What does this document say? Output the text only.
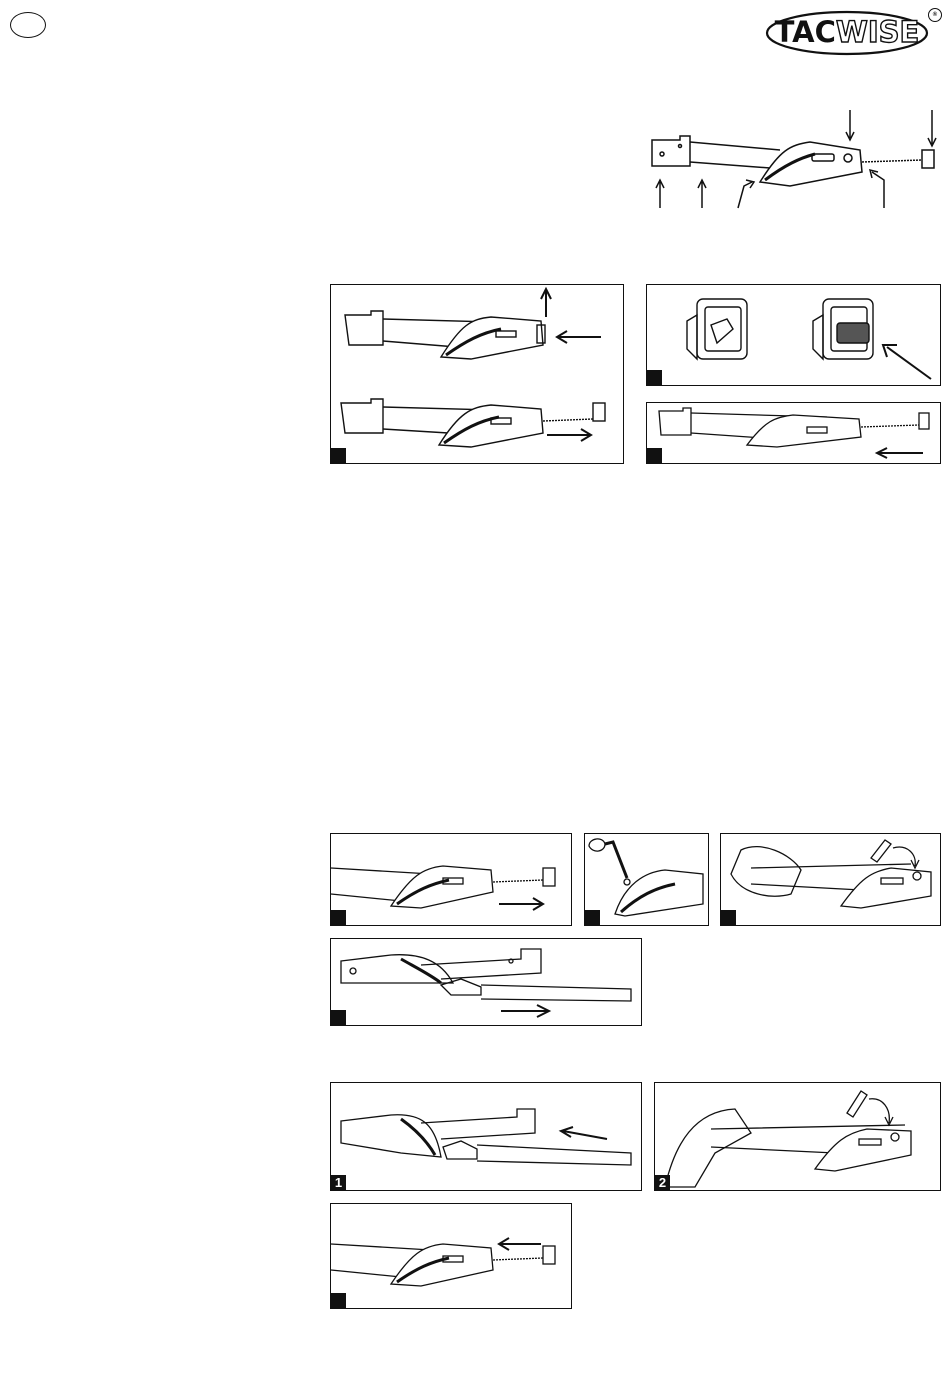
TACWISE	®
1	2
